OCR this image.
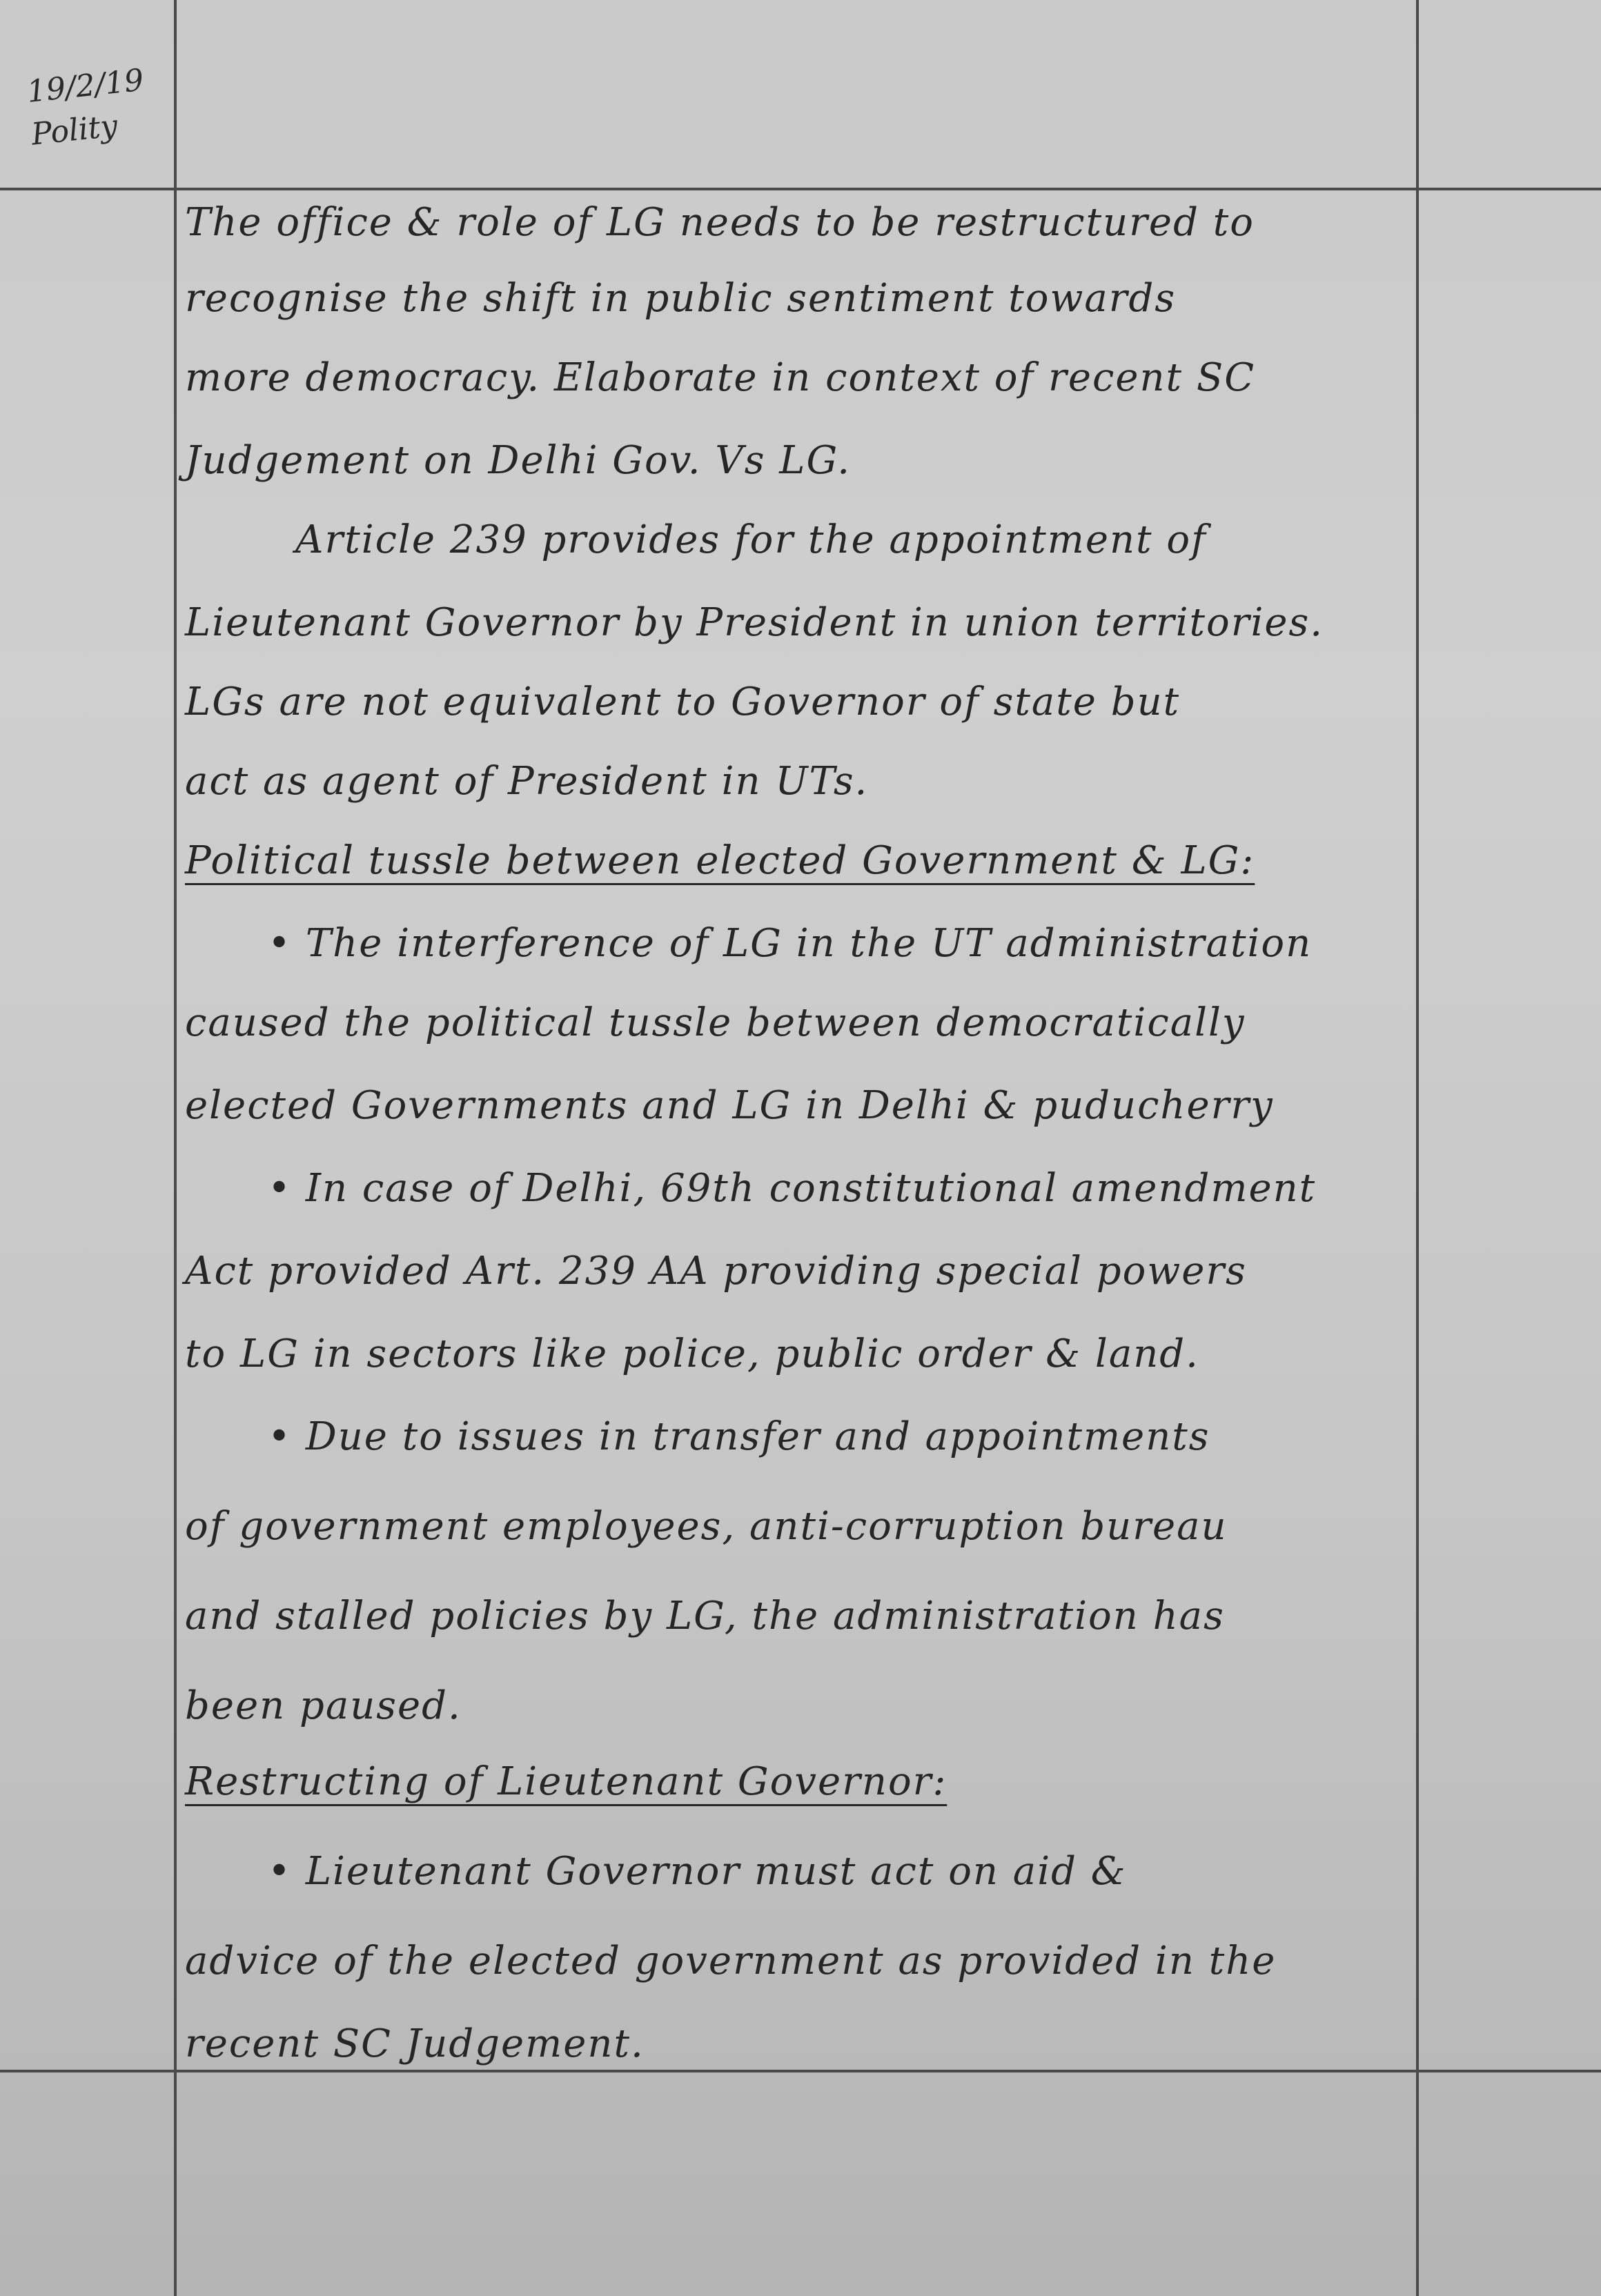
19/2/19
Polity
The office & role of LG needs to be restructured to
recognise the shift in public sentiment towards
more democracy. Elaborate in context of recent SC
Judgement on Delhi Gov. Vs LG.
Article 239 provides for the appointment of
Lieutenant Governor by President in union territories.
LGs are not equivalent to Governor of state but
act as agent of President in UTs.
Political tussle between elected Government & LG:
• The interference of LG in the UT administration
caused the political tussle between democratically
elected Governments and LG in Delhi & puducherry
• In case of Delhi, 69th constitutional amendment
Act provided Art. 239 AA providing special powers
to LG in sectors like police, public order & land.
• Due to issues in transfer and appointments
of government employees, anti-corruption bureau
and stalled policies by LG, the administration has
been paused.
Restructing of Lieutenant Governor:
• Lieutenant Governor must act on aid &
advice of the elected government as provided in the
recent SC Judgement.
